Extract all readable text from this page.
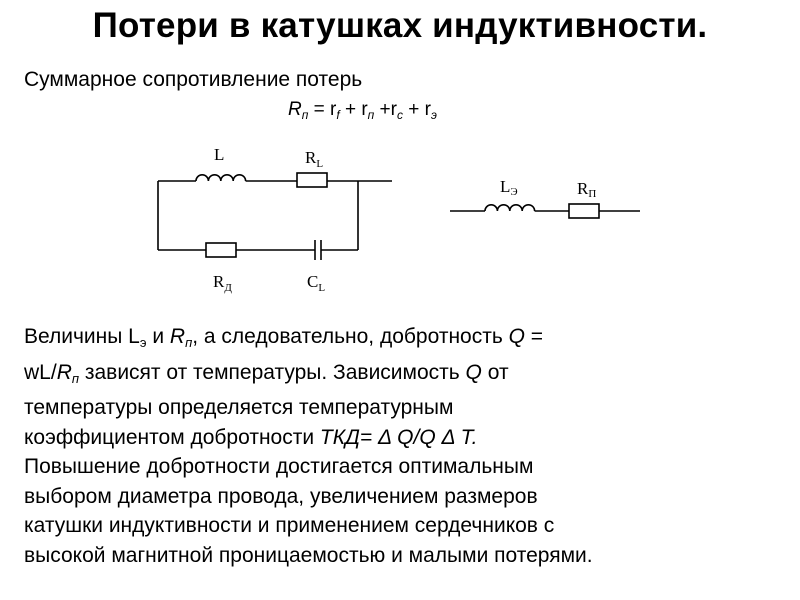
Потери в катушках индуктивности.
Суммарное сопротивление потерь
$R_п = r_f + r_п +r_c + r_э$
L	$R_L$
$R_Д$	$C_L$
LЭ	RП
Величины $L_э$ и $R_п$, а следовательно, добротность Q =
$wL/R_п$ зависят от температуры. Зависимость Q от
температуры определяется температурным
коэффициентом добротности ТКД= Δ Q/Q Δ Т.
Повышение добротности достигается оптимальным
выбором диаметра провода, увеличением размеров
катушки индуктивности и применением сердечников с
высокой магнитной проницаемостью и малыми потерями.
